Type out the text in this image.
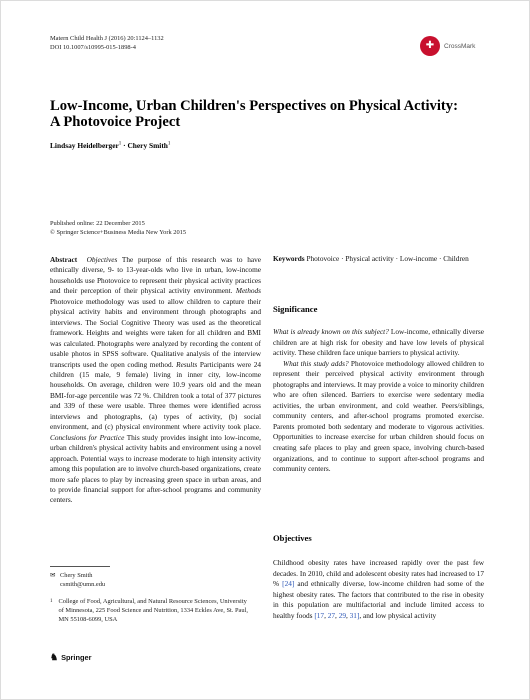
Matern Child Health J (2016) 20:1124–1132
DOI 10.1007/s10995-015-1898-4	✚ CrossMark
Low-Income, Urban Children's Perspectives on Physical Activity:
A Photovoice Project
Lindsay Heidelberger$^1$ · Chery Smith$^1$
Published online: 22 December 2015
© Springer Science+Business Media New York 2015
Abstract Objectives The purpose of this research was to have ethnically diverse, 9- to 13-year-olds who live in urban, low-income households use Photovoice to represent their physical activity practices and their perception of their physical activity environment. Methods Photovoice methodology was used to allow children to capture their physical activity habits and environment through photographs and interviews. The Social Cognitive Theory was used as the theoretical framework. Heights and weights were taken for all children and BMI was calculated. Photographs were analyzed by recording the content of usable photos in SPSS software. Qualitative analysis of the interview transcripts used the open coding method. Results Participants were 24 children (15 male, 9 female) living in inner city, low-income households. On average, children were 10.9 years old and the mean BMI-for-age percentile was 72 %. Children took a total of 377 pictures and 339 of these were usable. Three themes were identified across interviews and photographs, (a) types of activity, (b) social environment, and (c) physical environment where activity took place. Conclusions for Practice This study provides insight into low-income, urban children's physical activity habits and environment using a novel approach. Potential ways to increase moderate to high intensity activity among this population are to involve church-based organizations, create more safe places to play by increasing green space in urban areas, and to provide financial support for after-school programs and community centers.
Keywords Photovoice · Physical activity · Low-income · Children
Significance
What is already known on this subject? Low-income, ethnically diverse children are at high risk for obesity and have low levels of physical activity. These children face unique barriers to physical activity.
What this study adds? Photovoice methodology allowed children to represent their perceived physical activity environment through photographs and interviews. It may provide a voice to minority children who are often silenced. Barriers to exercise were sedentary media activities, the urban environment, and cold weather. Peers/siblings, community centers, and after-school programs promoted exercise. Parents promoted both sedentary and moderate to vigorous activities. Opportunities to increase exercise for urban children should focus on creating safe places to play and green space, involving church-based organizations, and to continue to support after-school programs and community centers.
Objectives
Childhood obesity rates have increased rapidly over the past few decades. In 2010, child and adolescent obesity rates had increased to 17 % [24] and ethnically diverse, low-income children had some of the highest obesity rates. The factors that contributed to the rise in obesity in this population are multifactorial and include limited access to healthy foods [17, 27, 29, 31], and low physical activity
✉ Chery Smith
csmith@umn.edu
1 College of Food, Agricultural, and Natural Resource Sciences, University of Minnesota, 225 Food Science and Nutrition, 1334 Eckles Ave, St. Paul, MN 55108-6099, USA
♞ Springer
